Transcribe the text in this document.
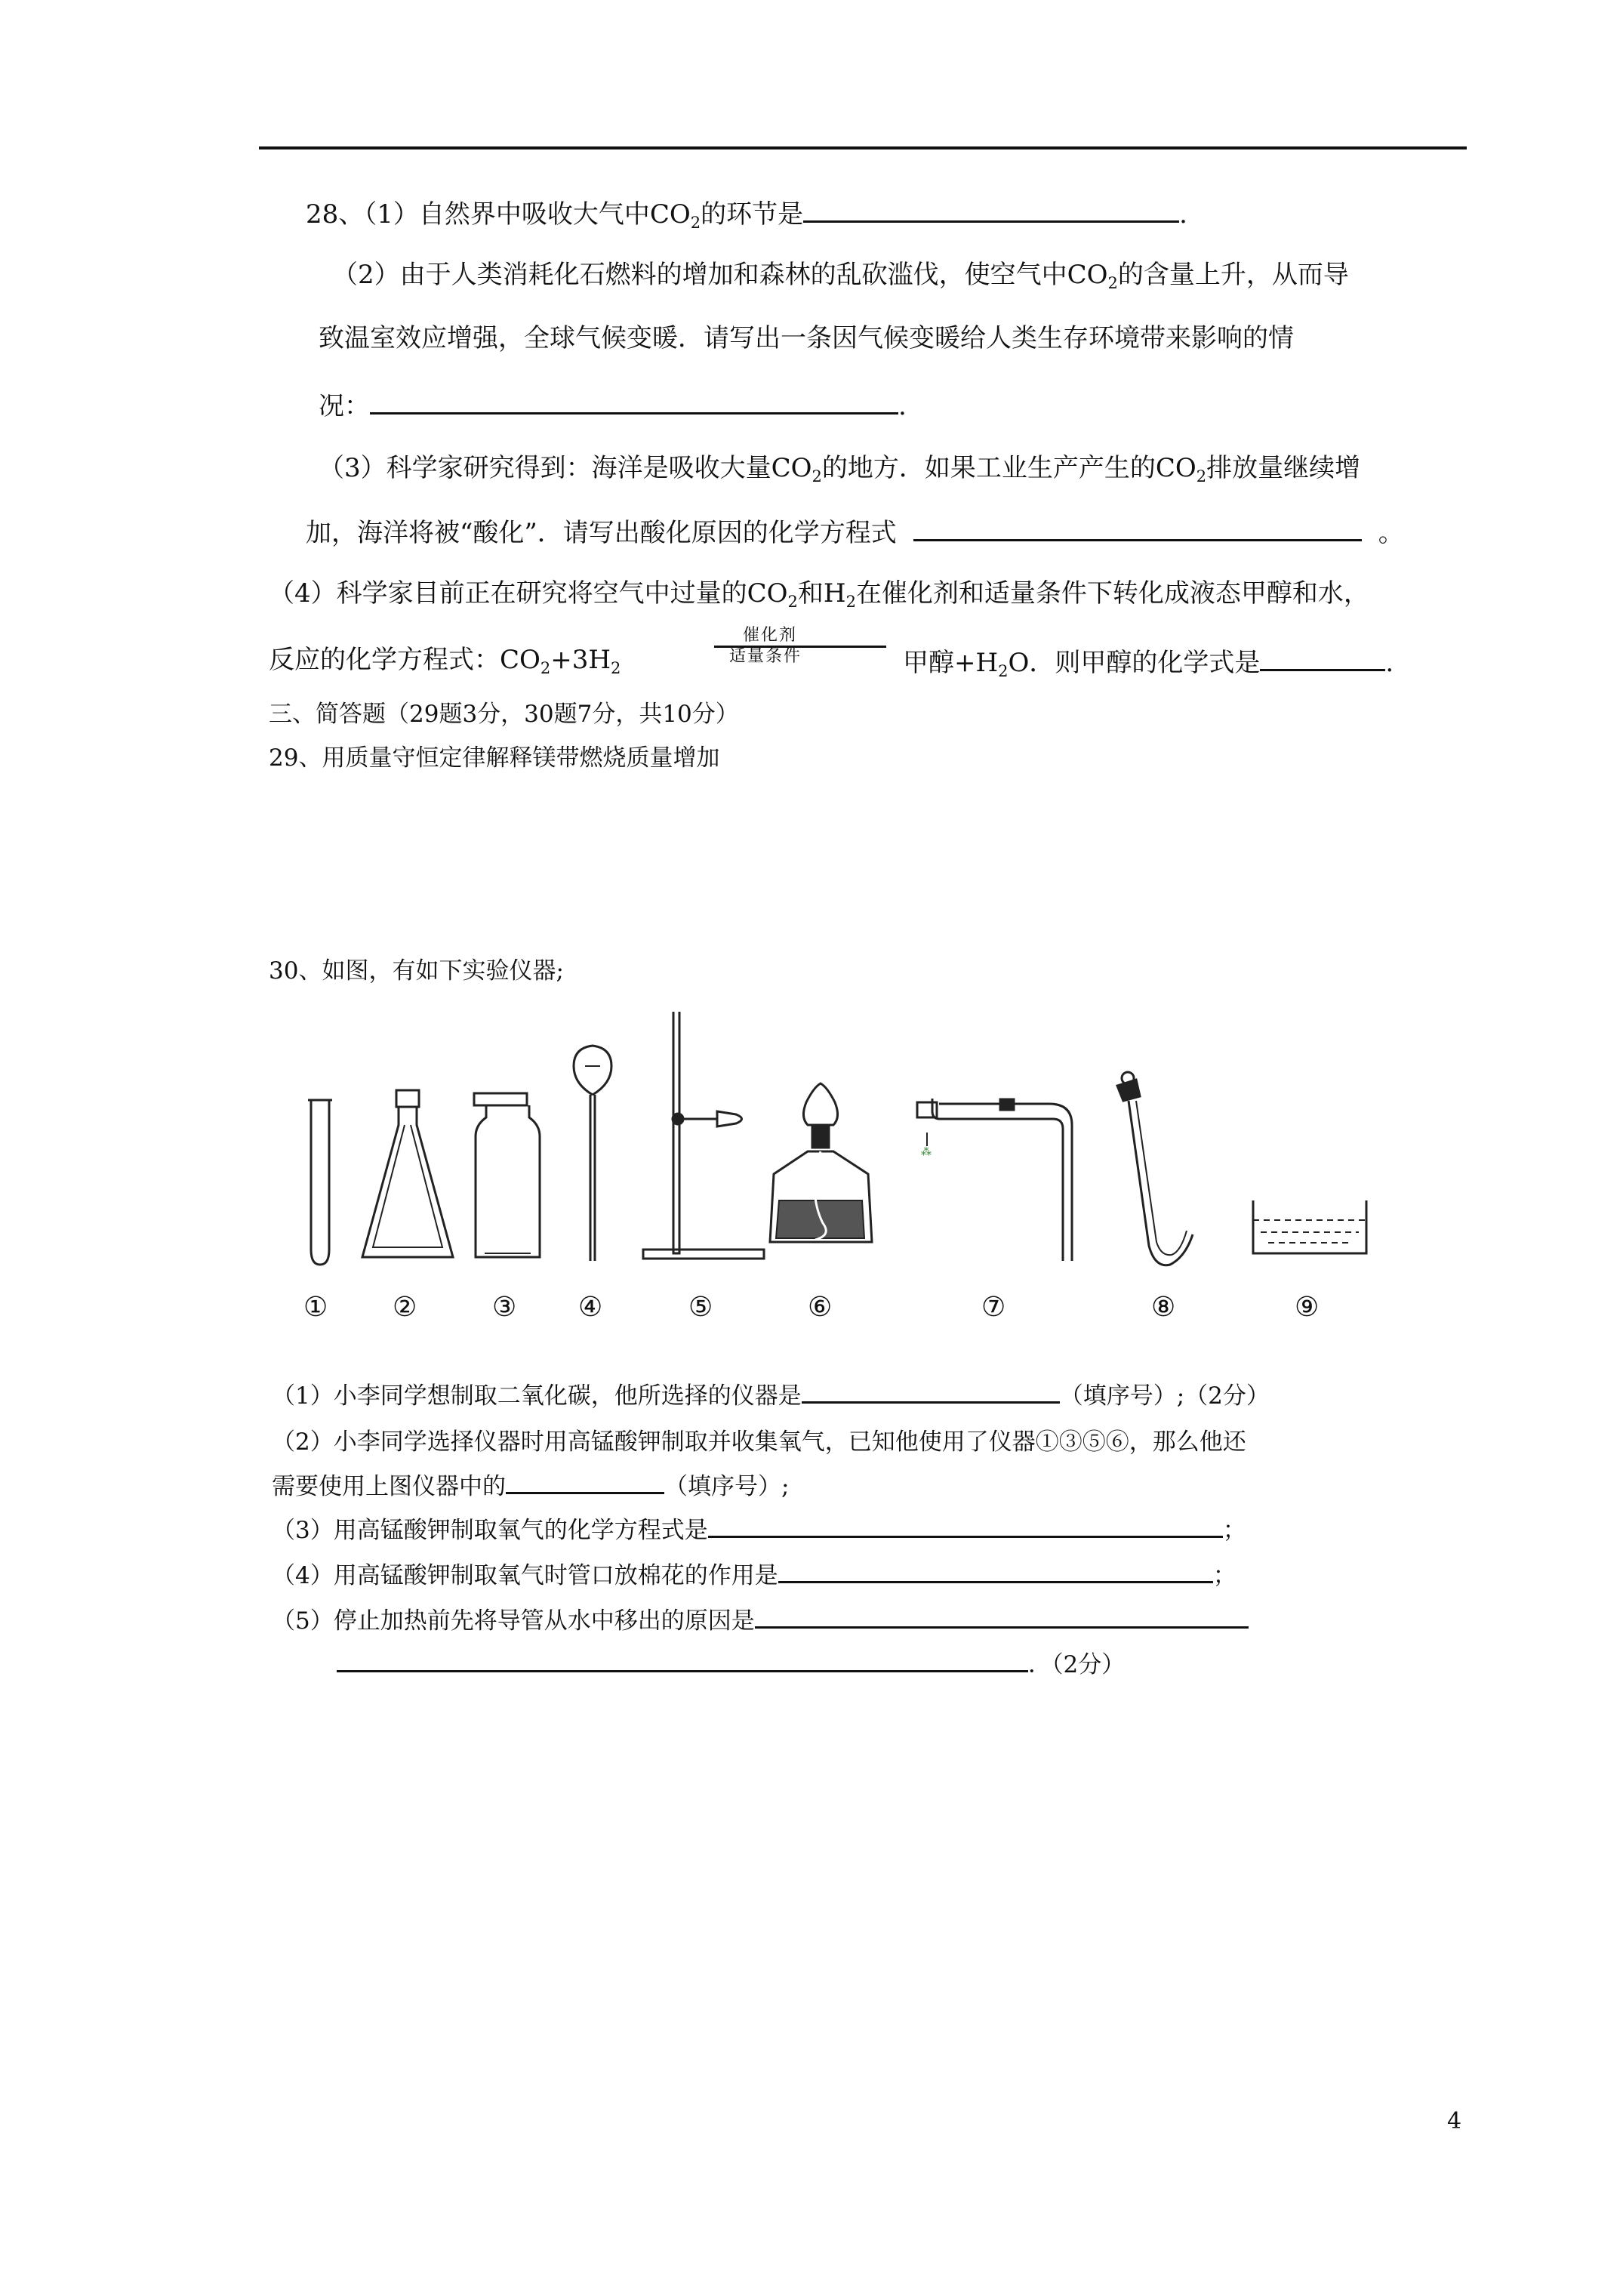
28、（1）自然界中吸收大气中$CO_2$的环节是	.
（2）由于人类消耗化石燃料的增加和森林的乱砍滥伐，使空气中$CO_2$的含量上升，从而导
致温室效应增强，全球气候变暖．请写出一条因气候变暖给人类生存环境带来影响的情
况：	.
（3）科学家研究得到：海洋是吸收大量$CO_2$的地方．如果工业生产产生的$CO_2$排放量继续增
加，海洋将被“酸化”．请写出酸化原因的化学方程式	。
（4）科学家目前正在研究将空气中过量的$CO_2$和$H_2$在催化剂和适量条件下转化成液态甲醇和水，
反应的化学方程式：$CO_2+3H_2$
催化剂
适量条件	甲醇$+H_2O$．则甲醇的化学式是	.
三、简答题（29题3分，30题7分，共10分）
29、用质量守恒定律解释镁带燃烧质量增加
30、如图，有如下实验仪器;
⁂
① ②	③ ④	⑤	⑥	⑦	⑧	⑨
（1）小李同学想制取二氧化碳，他所选择的仪器是	（填序号）;（2分）
（2）小李同学选择仪器时用高锰酸钾制取并收集氧气，已知他使用了仪器①③⑤⑥，那么他还
需要使用上图仪器中的	（填序号）;
（3）用高锰酸钾制取氧气的化学方程式是	；
（4）用高锰酸钾制取氧气时管口放棉花的作用是	；
（5）停止加热前先将导管从水中移出的原因是
．（2分）
4
